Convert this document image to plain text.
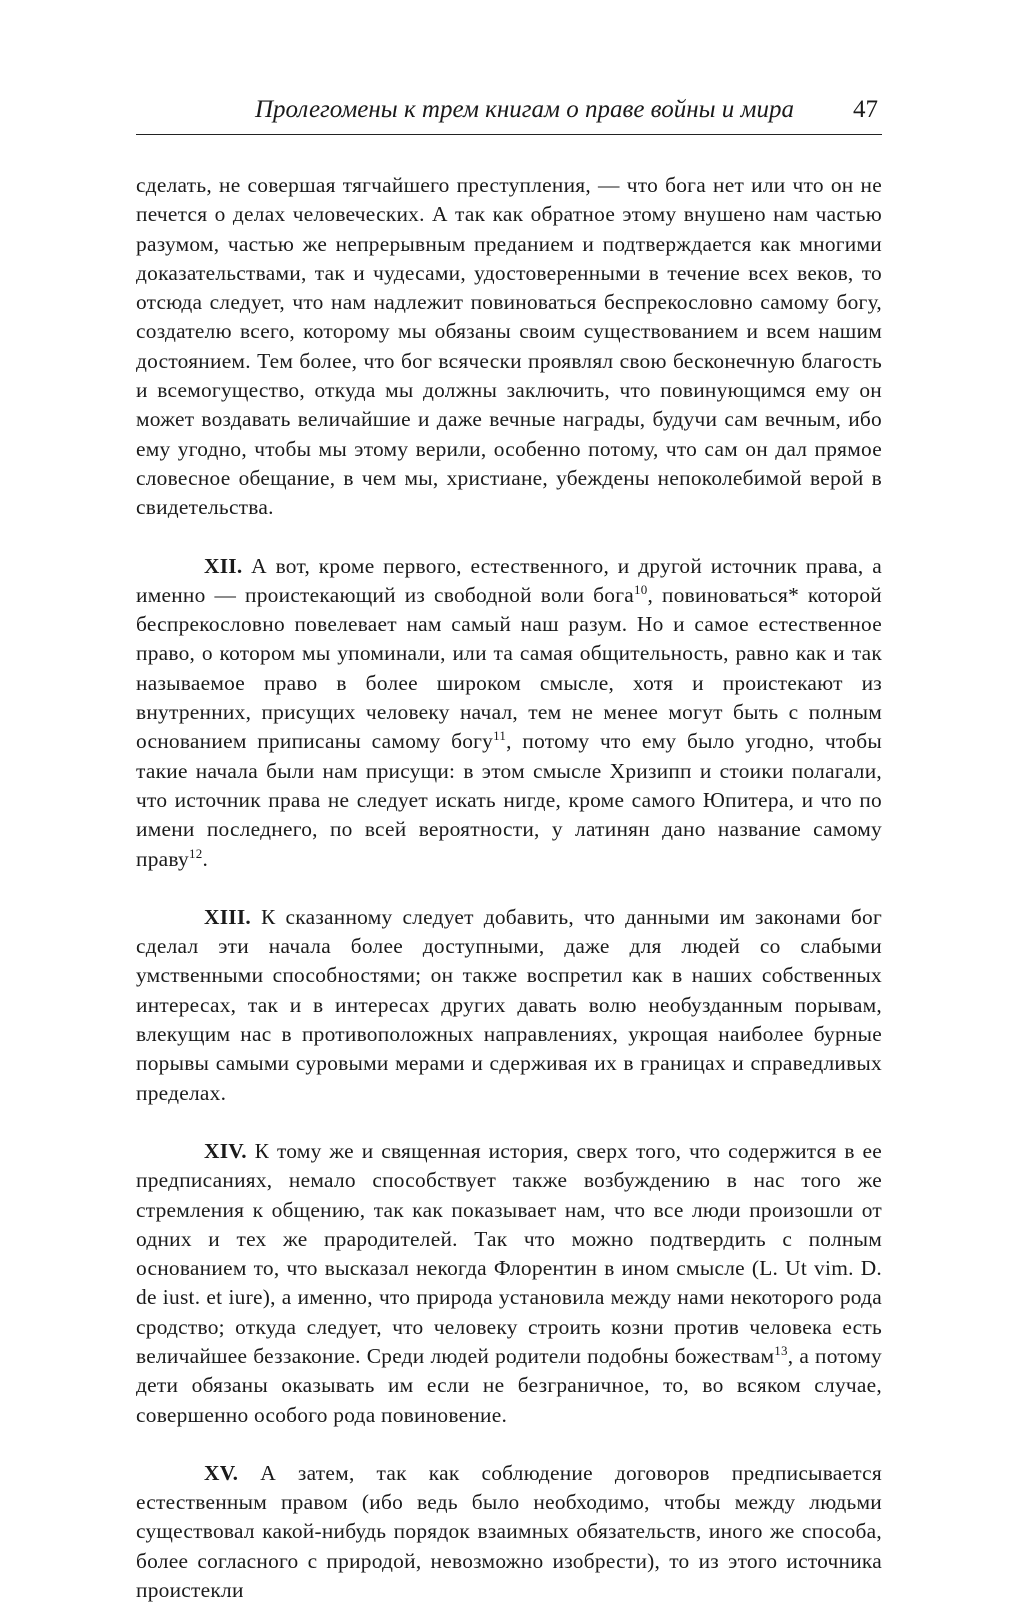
Пролегомены к трем книгам о праве войны и мира	47

сделать, не совершая тягчайшего преступления, — что бога нет или что он не печется о делах человеческих. А так как обратное этому внушено нам частью разумом, частью же непрерывным преданием и подтверждается как многими доказательствами, так и чудесами, удостоверенными в течение всех веков, то отсюда следует, что нам надлежит повиноваться беспрекословно самому богу, создателю всего, которому мы обязаны своим существованием и всем нашим достоянием. Тем более, что бог всячески проявлял свою бесконечную благость и всемогущество, откуда мы должны заключить, что повинующимся ему он может воздавать величайшие и даже вечные награды, будучи сам вечным, ибо ему угодно, чтобы мы этому верили, особенно потому, что сам он дал прямое словесное обещание, в чем мы, христиане, убеждены непоколебимой верой в свидетельства.

XII. А вот, кроме первого, естественного, и другой источник права, а именно — проистекающий из свободной воли бога$^{10}$, повиноваться* которой беспрекословно повелевает нам самый наш разум. Но и самое естественное право, о котором мы упоминали, или та самая общительность, равно как и так называемое право в более широком смысле, хотя и проистекают из внутренних, присущих человеку начал, тем не менее могут быть с полным основанием приписаны самому богу$^{11}$, потому что ему было угодно, чтобы такие начала были нам присущи: в этом смысле Хризипп и стоики полагали, что источник права не следует искать нигде, кроме самого Юпитера, и что по имени последнего, по всей вероятности, у латинян дано название самому праву$^{12}$.

XIII. К сказанному следует добавить, что данными им законами бог сделал эти начала более доступными, даже для людей со слабыми умственными способностями; он также воспретил как в наших собственных интересах, так и в интересах других давать волю необузданным порывам, влекущим нас в противоположных направлениях, укрощая наиболее бурные порывы самыми суровыми мерами и сдерживая их в границах и справедливых пределах.

XIV. К тому же и священная история, сверх того, что содержится в ее предписаниях, немало способствует также возбуждению в нас того же стремления к общению, так как показывает нам, что все люди произошли от одних и тех же прародителей. Так что можно подтвердить с полным основанием то, что высказал некогда Флорентин в ином смысле (L. Ut vim. D. de iust. et iure), а именно, что природа установила между нами некоторого рода сродство; откуда следует, что человеку строить козни против человека есть величайшее беззаконие. Среди людей родители подобны божествам$^{13}$, а потому дети обязаны оказывать им если не безграничное, то, во всяком случае, совершенно особого рода повиновение.

XV. А затем, так как соблюдение договоров предписывается естественным правом (ибо ведь было необходимо, чтобы между людьми существовал какой-нибудь порядок взаимных обязательств, иного же способа, более согласного с природой, невозможно изобрести), то из этого источника проистекли
